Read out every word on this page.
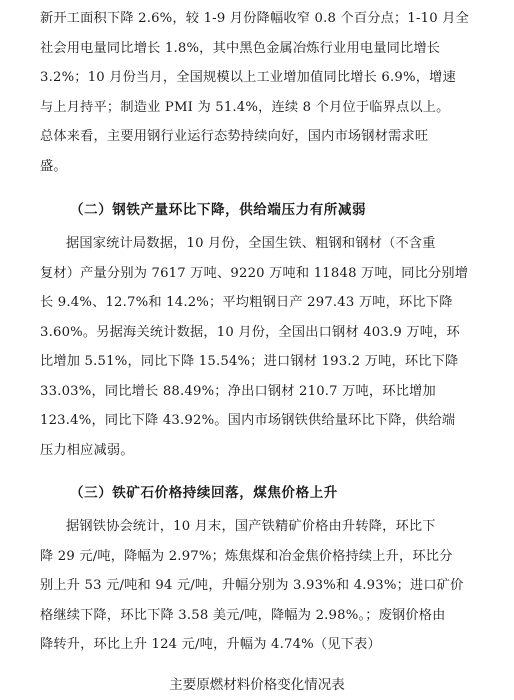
新开工面积下降 2.6%，较 1-9 月份降幅收窄 0.8 个百分点；1-10 月全
社会用电量同比增长 1.8%，其中黑色金属冶炼行业用电量同比增长
3.2%；10 月份当月，全国规模以上工业增加值同比增长 6.9%，增速
与上月持平；制造业 PMI 为 51.4%，连续 8 个月位于临界点以上。
总体来看，主要用钢行业运行态势持续向好，国内市场钢材需求旺
盛。
（二）钢铁产量环比下降，供给端压力有所减弱
据国家统计局数据，10 月份，全国生铁、粗钢和钢材（不含重
复材）产量分别为 7617 万吨、9220 万吨和 11848 万吨，同比分别增
长 9.4%、12.7%和 14.2%；平均粗钢日产 297.43 万吨，环比下降
3.60%。另据海关统计数据，10 月份，全国出口钢材 403.9 万吨，环
比增加 5.51%，同比下降 15.54%；进口钢材 193.2 万吨，环比下降
33.03%，同比增长 88.49%；净出口钢材 210.7 万吨，环比增加
123.4%，同比下降 43.92%。国内市场钢铁供给量环比下降，供给端
压力相应减弱。
（三）铁矿石价格持续回落，煤焦价格上升
据钢铁协会统计，10 月末，国产铁精矿价格由升转降，环比下
降 29 元/吨，降幅为 2.97%；炼焦煤和冶金焦价格持续上升，环比分
别上升 53 元/吨和 94 元/吨，升幅分别为 3.93%和 4.93%；进口矿价
格继续下降，环比下降 3.58 美元/吨，降幅为 2.98%。；废钢价格由
降转升，环比上升 124 元/吨，升幅为 4.74%（见下表）
主要原燃材料价格变化情况表
